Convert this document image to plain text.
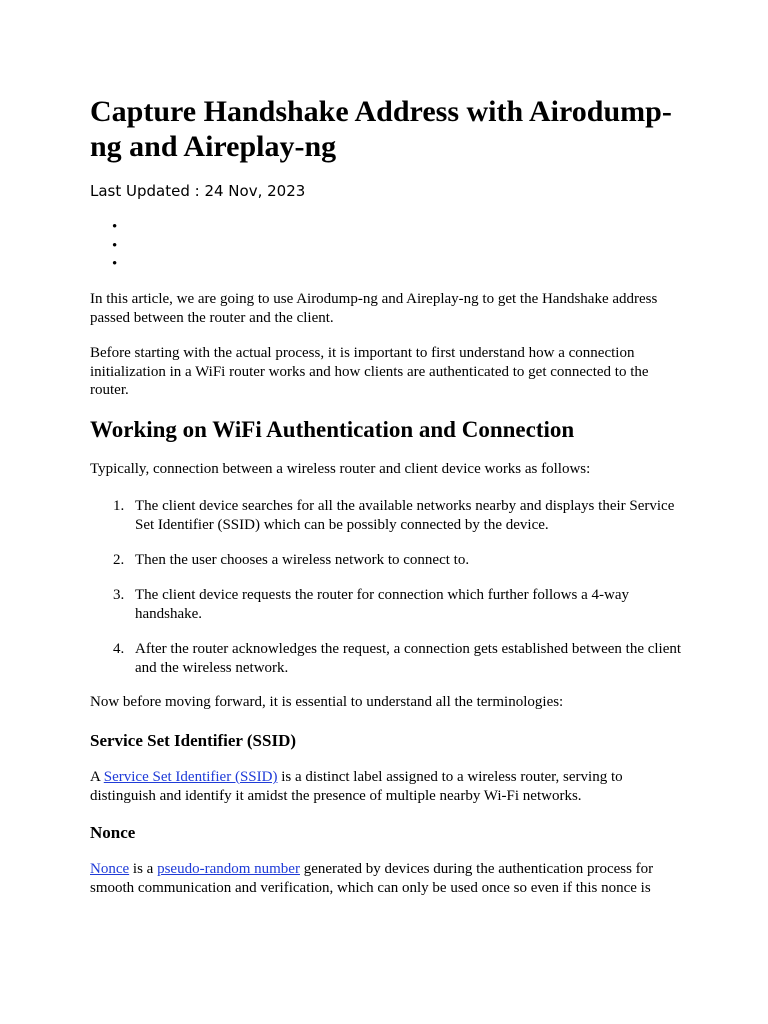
Capture Handshake Address with Airodump-ng and Aireplay-ng
Last Updated : 24 Nov, 2023
•
•
•

In this article, we are going to use Airodump-ng and Aireplay-ng to get the Handshake address passed between the router and the client.

Before starting with the actual process, it is important to first understand how a connection initialization in a WiFi router works and how clients are authenticated to get connected to the router.

Working on WiFi Authentication and Connection

Typically, connection between a wireless router and client device works as follows:

1. The client device searches for all the available networks nearby and displays their Service Set Identifier (SSID) which can be possibly connected by the device.
2. Then the user chooses a wireless network to connect to.
3. The client device requests the router for connection which further follows a 4-way handshake.
4. After the router acknowledges the request, a connection gets established between the client and the wireless network.

Now before moving forward, it is essential to understand all the terminologies:

Service Set Identifier (SSID)

A Service Set Identifier (SSID) is a distinct label assigned to a wireless router, serving to distinguish and identify it amidst the presence of multiple nearby Wi-Fi networks.

Nonce

Nonce is a pseudo-random number generated by devices during the authentication process for smooth communication and verification, which can only be used once so even if this nonce is
